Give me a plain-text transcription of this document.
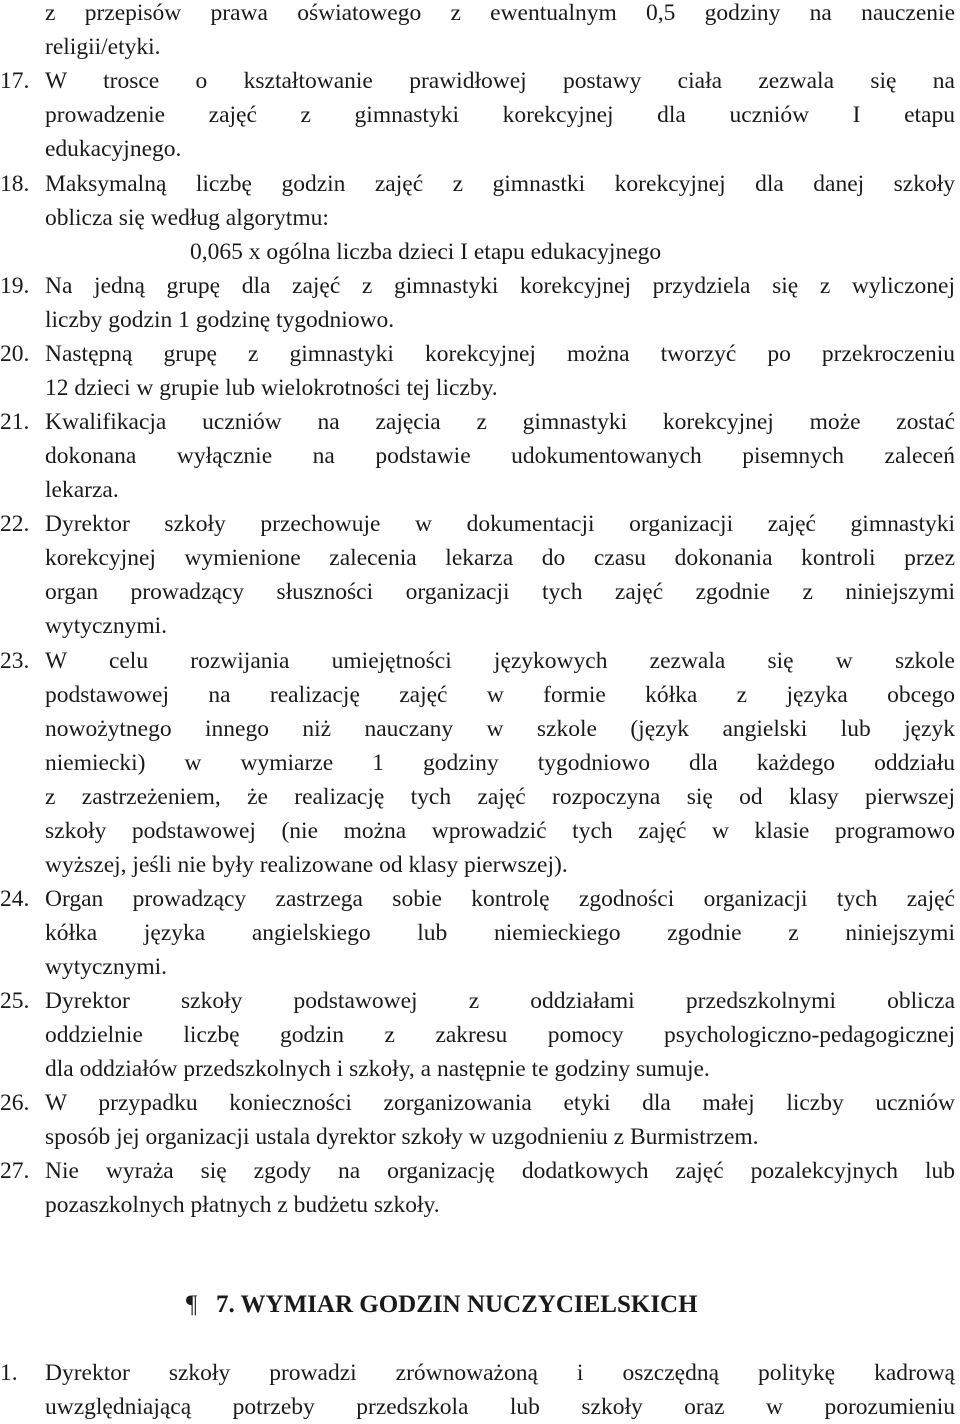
z przepisów prawa oświatowego z ewentualnym 0,5 godziny na nauczenie
religii/etyki.
17. W trosce o kształtowanie prawidłowej postawy ciała zezwala się na
prowadzenie zajęć z gimnastyki korekcyjnej dla uczniów I etapu
edukacyjnego.
18. Maksymalną liczbę godzin zajęć z gimnastki korekcyjnej dla danej szkoły
oblicza się według algorytmu:
0,065 x ogólna liczba dzieci I etapu edukacyjnego
19. Na jedną grupę dla zajęć z gimnastyki korekcyjnej przydziela się z wyliczonej
liczby godzin 1 godzinę tygodniowo.
20. Następną grupę z gimnastyki korekcyjnej można tworzyć po przekroczeniu
12 dzieci w grupie lub wielokrotności tej liczby.
21. Kwalifikacja uczniów na zajęcia z gimnastyki korekcyjnej może zostać
dokonana wyłącznie na podstawie udokumentowanych pisemnych zaleceń
lekarza.
22. Dyrektor szkoły przechowuje w dokumentacji organizacji zajęć gimnastyki
korekcyjnej wymienione zalecenia lekarza do czasu dokonania kontroli przez
organ prowadzący słuszności organizacji tych zajęć zgodnie z niniejszymi
wytycznymi.
23. W celu rozwijania umiejętności językowych zezwala się w szkole
podstawowej na realizację zajęć w formie kółka z języka obcego
nowożytnego innego niż nauczany w szkole (język angielski lub język
niemiecki) w wymiarze 1 godziny tygodniowo dla każdego oddziału
z zastrzeżeniem, że realizację tych zajęć rozpoczyna się od klasy pierwszej
szkoły podstawowej (nie można wprowadzić tych zajęć w klasie programowo
wyższej, jeśli nie były realizowane od klasy pierwszej).
24. Organ prowadzący zastrzega sobie kontrolę zgodności organizacji tych zajęć
kółka języka angielskiego lub niemieckiego zgodnie z niniejszymi
wytycznymi.
25. Dyrektor szkoły podstawowej z oddziałami przedszkolnymi oblicza
oddzielnie liczbę godzin z zakresu pomocy psychologiczno-pedagogicznej
dla oddziałów przedszkolnych i szkoły, a następnie te godziny sumuje.
26. W przypadku konieczności zorganizowania etyki dla małej liczby uczniów
sposób jej organizacji ustala dyrektor szkoły w uzgodnieniu z Burmistrzem.
27. Nie wyraża się zgody na organizację dodatkowych zajęć pozalekcyjnych lub
pozaszkolnych płatnych z budżetu szkoły.
¶ 7. WYMIAR GODZIN NUCZYCIELSKICH
1.	Dyrektor szkoły prowadzi zrównoważoną i oszczędną politykę kadrową
uwzględniającą potrzeby przedszkola lub szkoły oraz w porozumieniu
